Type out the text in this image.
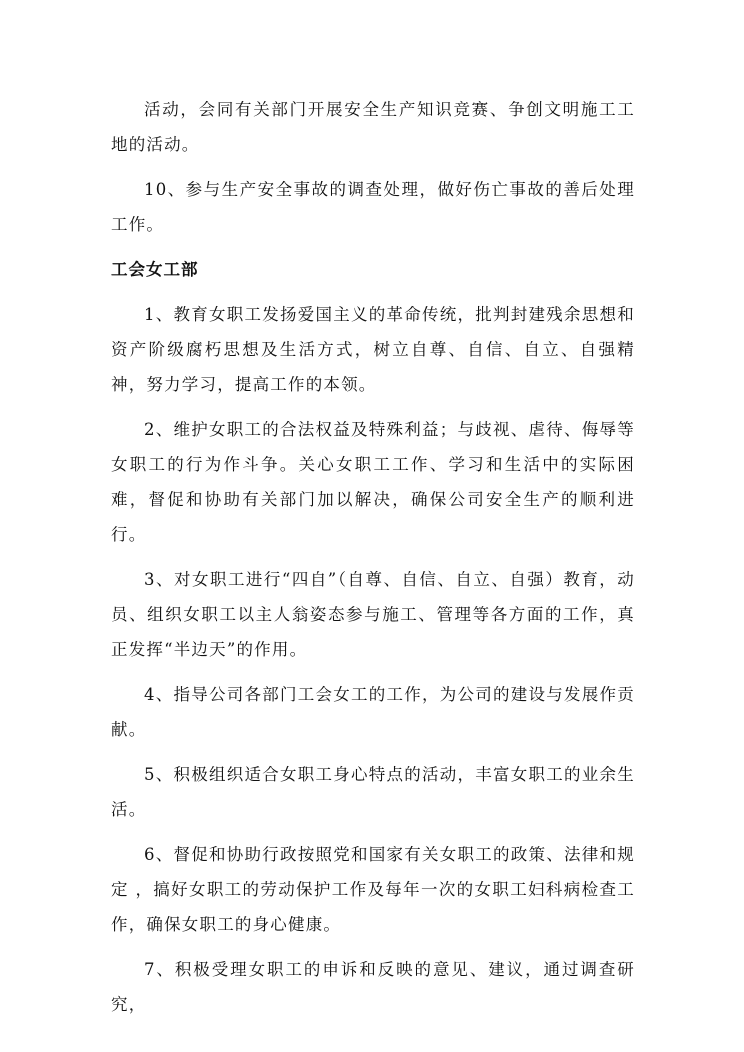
活动，会同有关部门开展安全生产知识竞赛、争创文明施工工地的活动。

10、参与生产安全事故的调查处理，做好伤亡事故的善后处理工作。

工会女工部

1、教育女职工发扬爱国主义的革命传统，批判封建残余思想和资产阶级腐朽思想及生活方式，树立自尊、自信、自立、自强精神，努力学习，提高工作的本领。

2、维护女职工的合法权益及特殊利益；与歧视、虐待、侮辱等女职工的行为作斗争。关心女职工工作、学习和生活中的实际困难，督促和协助有关部门加以解决，确保公司安全生产的顺利进行。

3、对女职工进行“四自”（自尊、自信、自立、自强）教育，动员、组织女职工以主人翁姿态参与施工、管理等各方面的工作，真正发挥“半边天”的作用。

4、指导公司各部门工会女工的工作，为公司的建设与发展作贡献。

5、积极组织适合女职工身心特点的活动，丰富女职工的业余生活。

6、督促和协助行政按照党和国家有关女职工的政策、法律和规定 ，搞好女职工的劳动保护工作及每年一次的女职工妇科病检查工作，确保女职工的身心健康。

7、积极受理女职工的申诉和反映的意见、建议，通过调查研究，
